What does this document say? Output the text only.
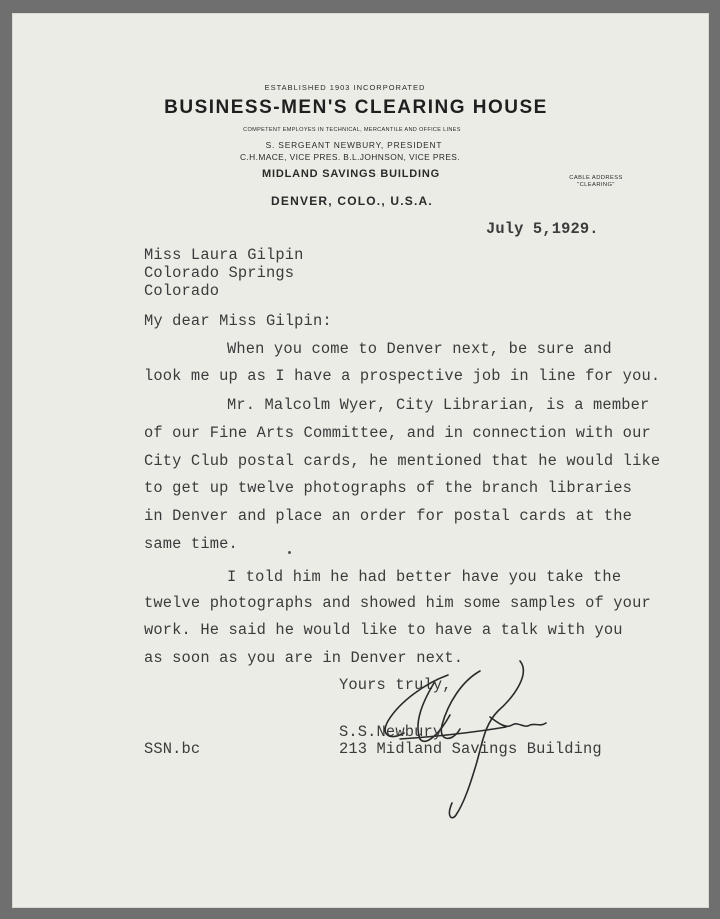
ESTABLISHED 1903 INCORPORATED
BUSINESS-MEN'S CLEARING HOUSE
COMPETENT EMPLOYES IN TECHNICAL, MERCANTILE AND OFFICE LINES
S. SERGEANT NEWBURY, PRESIDENT
C.H.MACE, VICE PRES. B.L.JOHNSON, VICE PRES.
MIDLAND SAVINGS BUILDING
DENVER, COLO., U.S.A.
CABLE ADDRESS
"CLEARING"
July 5,1929.
Miss Laura Gilpin
Colorado Springs
Colorado
My dear Miss Gilpin:
When you come to Denver next, be sure and
look me up as I have a prospective job in line for you.
Mr. Malcolm Wyer, City Librarian, is a member
of our Fine Arts Committee, and in connection with our
City Club postal cards, he mentioned that he would like
to get up twelve photographs of the branch libraries
in Denver and place an order for postal cards at the
same time.
I told him he had better have you take the
twelve photographs and showed him some samples of your
work. He said he would like to have a talk with you
as soon as you are in Denver next.
Yours truly,
S.S.Newbury
213 Midland Savings Building
SSN.bc
